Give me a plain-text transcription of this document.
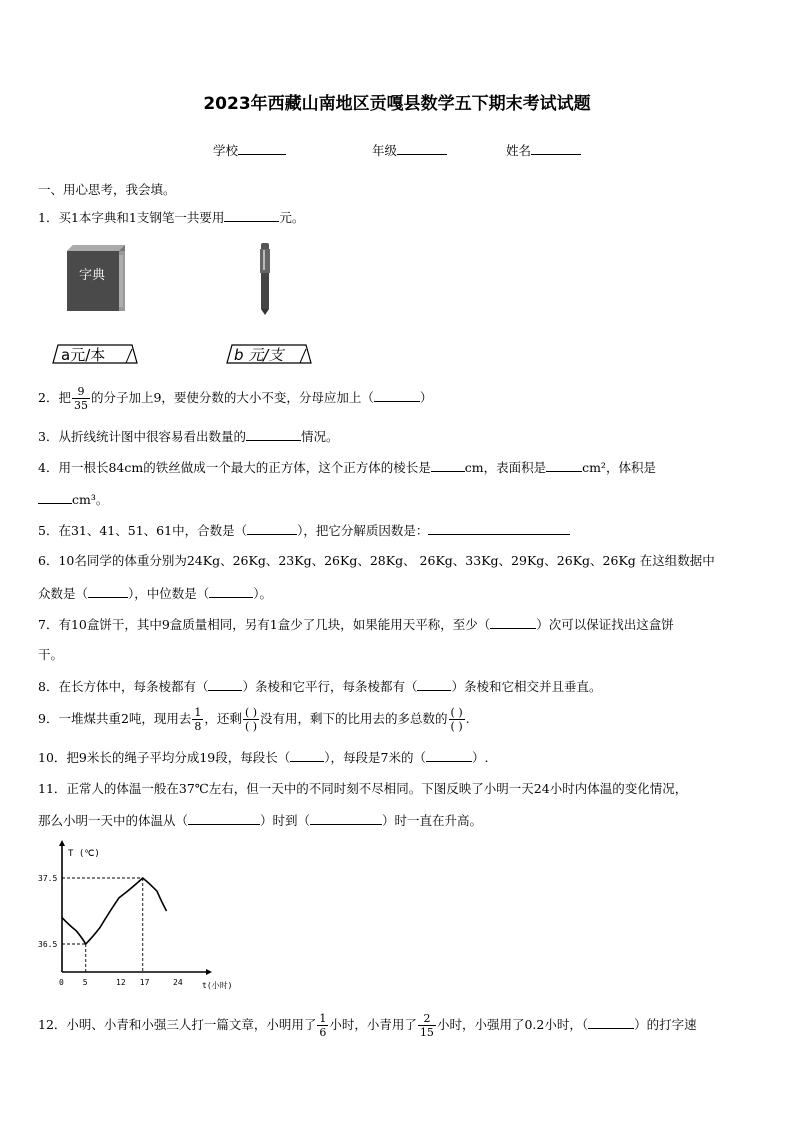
2023年西藏山南地区贡嘎县数学五下期末考试试题
学校	年级	姓名
一、用心思考，我会填。
1．买1本字典和1支钢笔一共要用	元。
字典
a元/本	b 元/支
2．把 $\frac{9}{35}$ 的分子加上9，要使分数的大小不变，分母应加上（	）
3．从折线统计图中很容易看出数量的	情况。
4．用一根长84cm的铁丝做成一个最大的正方体，这个正方体的棱长是	cm，表面积是	cm²，体积是
cm³。
5．在31、41、51、61中，合数是（	），把它分解质因数是：
6．10名同学的体重分别为24Kg、26Kg、23Kg、26Kg、28Kg、 26Kg、33Kg、29Kg、26Kg、26Kg 在这组数据中
众数是（	），中位数是（	）。
7．有10盒饼干，其中9盒质量相同，另有1盒少了几块，如果能用天平称，至少（	）次可以保证找出这盒饼
干。
8．在长方体中，每条棱都有（	）条棱和它平行，每条棱都有（	）条棱和它相交并且垂直。
9．一堆煤共重2吨，现用去 $\frac{1}{8}$ ，还剩 $\frac{( )}{( )}$ 没有用，剩下的比用去的多总数的 $\frac{( )}{( )}$ .
10．把9米长的绳子平均分成19段，每段长（	），每段是7米的（	）.
11．正常人的体温一般在37℃左右，但一天中的不同时刻不尽相同。下图反映了小明一天24小时内体温的变化情况，
那么小明一天中的体温从（	）时到（	）时一直在升高。
T (℃)
t(小时)
37.5
36.5
0 5	12 17	24
12．小明、小青和小强三人打一篇文章，小明用了 $\frac{1}{6}$ 小时，小青用了 $\frac{2}{15}$ 小时，小强用了0.2小时，（	）的打字速
